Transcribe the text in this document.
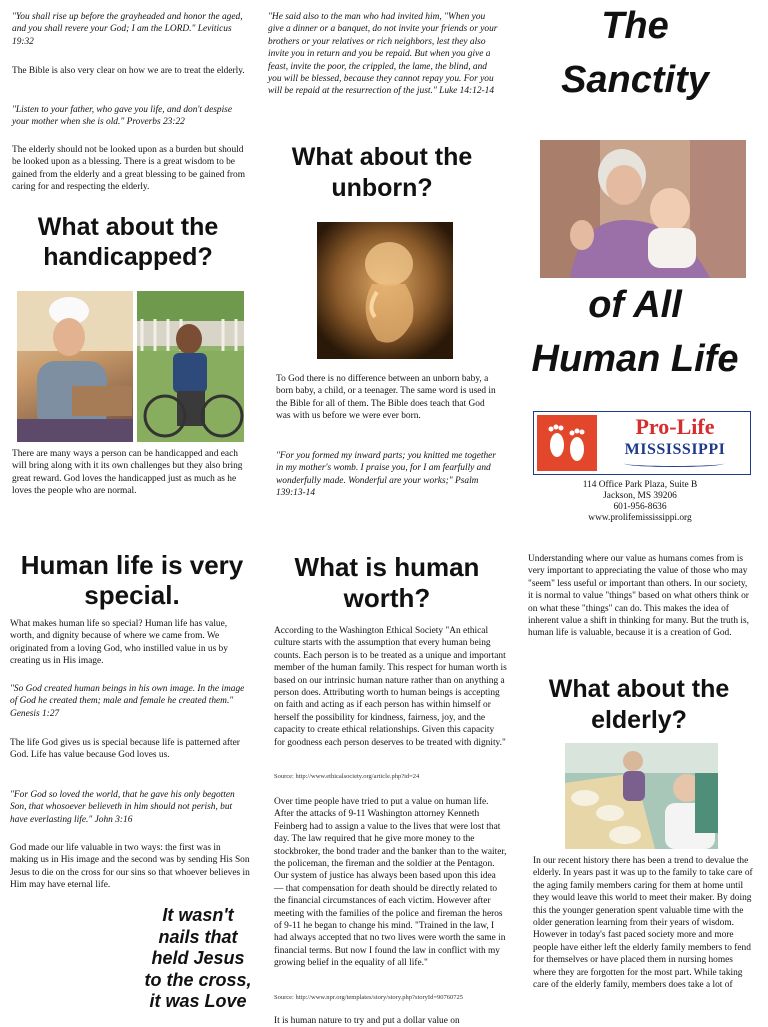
"You shall rise up before the grayheaded and honor the aged, and you shall revere your God; I am the LORD." Leviticus 19:32

The Bible is also very clear on how we are to treat the elderly.

"Listen to your father, who gave you life, and don't despise your mother when she is old." Proverbs 23:22

The elderly should not be looked upon as a burden but should be looked upon as a blessing. There is a great wisdom to be gained from the elderly and a great blessing to be gained from caring for and respecting the elderly.

What about the handicapped?

There are many ways a person can be handicapped and each will bring along with it its own challenges but they also bring great reward. God loves the handicapped just as much as he loves the people who are normal.

"He said also to the man who had invited him, "When you give a dinner or a banquet, do not invite your friends or your brothers or your relatives or rich neighbors, lest they also invite you in return and you be repaid. But when you give a feast, invite the poor, the crippled, the lame, the blind, and you will be blessed, because they cannot repay you. For you will be repaid at the resurrection of the just." Luke 14:12-14

What about the unborn?

To God there is no difference between an unborn baby, a born baby, a child, or a teenager. The same word is used in the Bible for all of them. The Bible does teach that God was with us before we were ever born.

"For you formed my inward parts; you knitted me together in my mother's womb. I praise you, for I am fearfully and wonderfully made. Wonderful are your works;" Psalm 139:13-14

The
Sanctity
of All
Human Life
Pro-Life
MISSISSIPPI
114 Office Park Plaza, Suite B
Jackson, MS 39206
601-956-8636
www.prolifemississippi.org
Human life is very special.

What makes human life so special? Human life has value, worth, and dignity because of where we came from. We originated from a loving God, who instilled value in us by creating us in His image.

"So God created human beings in his own image. In the image of God he created them; male and female he created them." Genesis 1:27

The life God gives us is special because life is patterned after God. Life has value because God loves us.

"For God so loved the world, that he gave his only begotten Son, that whosoever believeth in him should not perish, but have everlasting life." John 3:16

God made our life valuable in two ways: the first was in making us in His image and the second was by sending His Son Jesus to die on the cross for our sins so that whoever believes in Him may have eternal life.

It wasn't nails that held Jesus to the cross, it was Love
What is human worth?

According to the Washington Ethical Society "An ethical culture starts with the assumption that every human being counts. Each person is to be treated as a unique and important member of the human family. This respect for human worth is based on our intrinsic human nature rather than on anything a person does. Attributing worth to human beings is accepting on faith and acting as if each person has within himself or herself the possibility for kindness, fairness, joy, and the capacity to create ethical relationships. Given this capacity for goodness each person deserves to be treated with dignity."

Source: http://www.ethicalsociety.org/article.php?id=24

Over time people have tried to put a value on human life. After the attacks of 9-11 Washington attorney Kenneth Feinberg had to assign a value to the lives that were lost that day. The law required that he give more money to the stockbroker, the bond trader and the banker than to the waiter, the policeman, the fireman and the soldier at the Pentagon. Our system of justice has always been based upon this idea — that compensation for death should be directly related to the financial circumstances of each victim. However after meeting with the families of the police and fireman the heros of 9-11 he began to change his mind. "Trained in the law, I had always accepted that no two lives were worth the same in financial terms. But now I found the law in conflict with my growing belief in the equality of all life."

Source: http://www.npr.org/templates/story/story.php?storyId=90760725

It is human nature to try and put a dollar value on

Understanding where our value as humans comes from is very important to appreciating the value of those who may "seem" less useful or important than others. In our society, it is normal to value "things" based on what others think or on what these "things" can do. This makes the idea of inherent value a shift in thinking for many. But the truth is, human life is valuable, because it is a creation of God.

What about the elderly?

In our recent history there has been a trend to devalue the elderly. In years past it was up to the family to take care of the aging family members caring for them at home until they would leave this world to meet their maker. By doing this the younger generation spent valuable time with the older generation learning from their years of wisdom. However in today's fast paced society more and more people have either left the elderly family members to fend for themselves or have placed them in nursing homes where they are forgotten for the most part. While taking care of the elderly family, members does take a lot of
